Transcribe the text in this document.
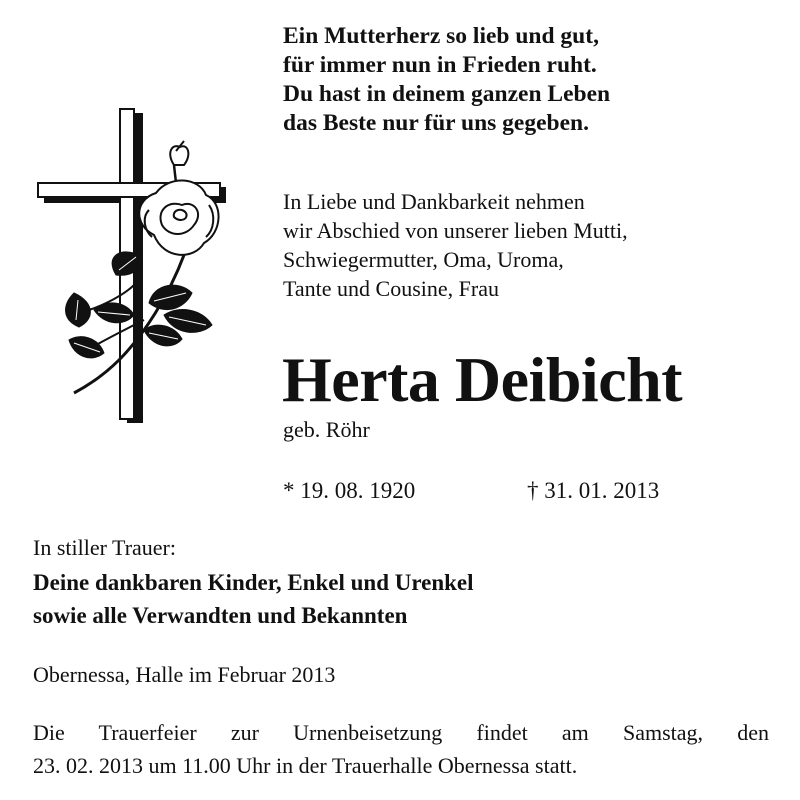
Ein Mutterherz so lieb und gut,
für immer nun in Frieden ruht.
Du hast in deinem ganzen Leben
das Beste nur für uns gegeben.
In Liebe und Dankbarkeit nehmen
wir Abschied von unserer lieben Mutti,
Schwiegermutter, Oma, Uroma,
Tante und Cousine, Frau
Herta Deibicht
geb. Röhr
* 19. 08. 1920	† 31. 01. 2013
In stiller Trauer:
Deine dankbaren Kinder, Enkel und Urenkel
sowie alle Verwandten und Bekannten
Obernessa, Halle im Februar 2013
Die Trauerfeier zur Urnenbeisetzung findet am Samstag, den
23. 02. 2013 um 11.00 Uhr in der Trauerhalle Obernessa statt.
